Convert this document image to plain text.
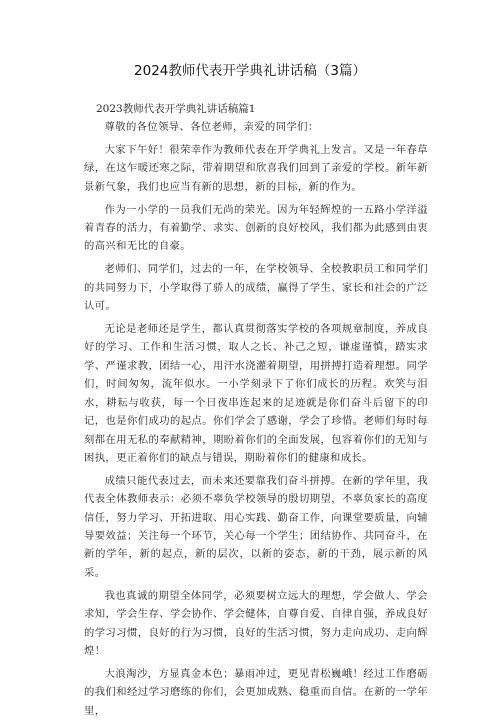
2024教师代表开学典礼讲话稿（3篇）
2023教师代表开学典礼讲话稿篇1

尊敬的各位领导、各位老师，亲爱的同学们：

大家下午好！很荣幸作为教师代表在开学典礼上发言。又是一年春草绿，在这乍暖还寒之际，带着期望和欣喜我们回到了亲爱的学校。新年新景新气象，我们也应当有新的思想，新的目标，新的作为。

作为一小学的一员我们无尚的荣光。因为年轻辉煌的一五路小学洋溢着青春的活力，有着勤学、求实、创新的良好校风，我们都为此感到由衷的高兴和无比的自豪。

老师们、同学们，过去的一年，在学校领导、全校教职员工和同学们的共同努力下，小学取得了骄人的成绩，赢得了学生、家长和社会的广泛认可。

无论是老师还是学生，都认真贯彻落实学校的各项规章制度，养成良好的学习、工作和生活习惯，取人之长、补己之短，谦虚谨慎，踏实求学、严谨求教，团结一心，用汗水浇灌着期望，用拼搏打造着理想。同学们，时间匆匆，流年似水。一小学刻录下了你们成长的历程。欢笑与泪水，耕耘与收获，每一个日夜串连起来的足迹就是你们奋斗后留下的印记，也是你们成功的起点。你们学会了感谢，学会了珍惜。老师们每时每刻都在用无私的奉献精神，期盼着你们的全面发展，包容着你们的无知与困执，更正着你们的缺点与错误，期盼着你们的健康和成长。

成绩只能代表过去，而未来还要靠我们奋斗拼搏。在新的学年里，我代表全体教师表示：必须不辜负学校领导的殷切期望，不辜负家长的高度信任，努力学习、开拓进取、用心实践、勤奋工作，向课堂要质量，向辅导要效益；关注每一个环节，关心每一个学生；团结协作、共同奋斗，在新的学年，新的起点，新的层次，以新的姿态，新的干劲，展示新的风采。

我也真诚的期望全体同学，必须要树立远大的理想，学会做人、学会求知，学会生存、学会协作、学会健体，自尊自爱、自律自强，养成良好的学习习惯，良好的行为习惯，良好的生活习惯，努力走向成功、走向辉煌！

大浪淘沙，方显真金本色；暴雨冲过，更见青松巍峨！经过工作磨砺的我们和经过学习磨练的你们，会更加成熟、稳重而自信。在新的一学年里，
